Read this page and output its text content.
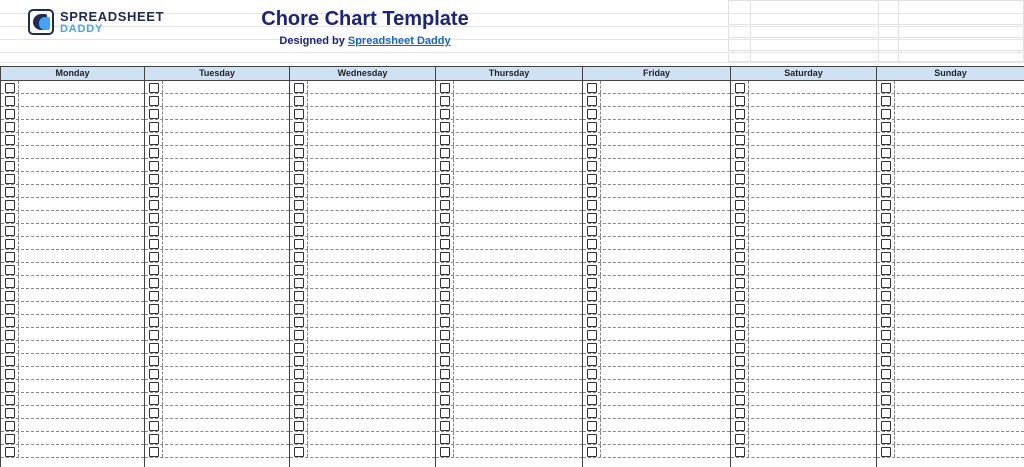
SPREADSHEET
DADDY	Chore Chart Template
Designed by Spreadsheet Daddy
Monday	Tuesday	Wednesday	Thursday	Friday	Saturday	Sunday
